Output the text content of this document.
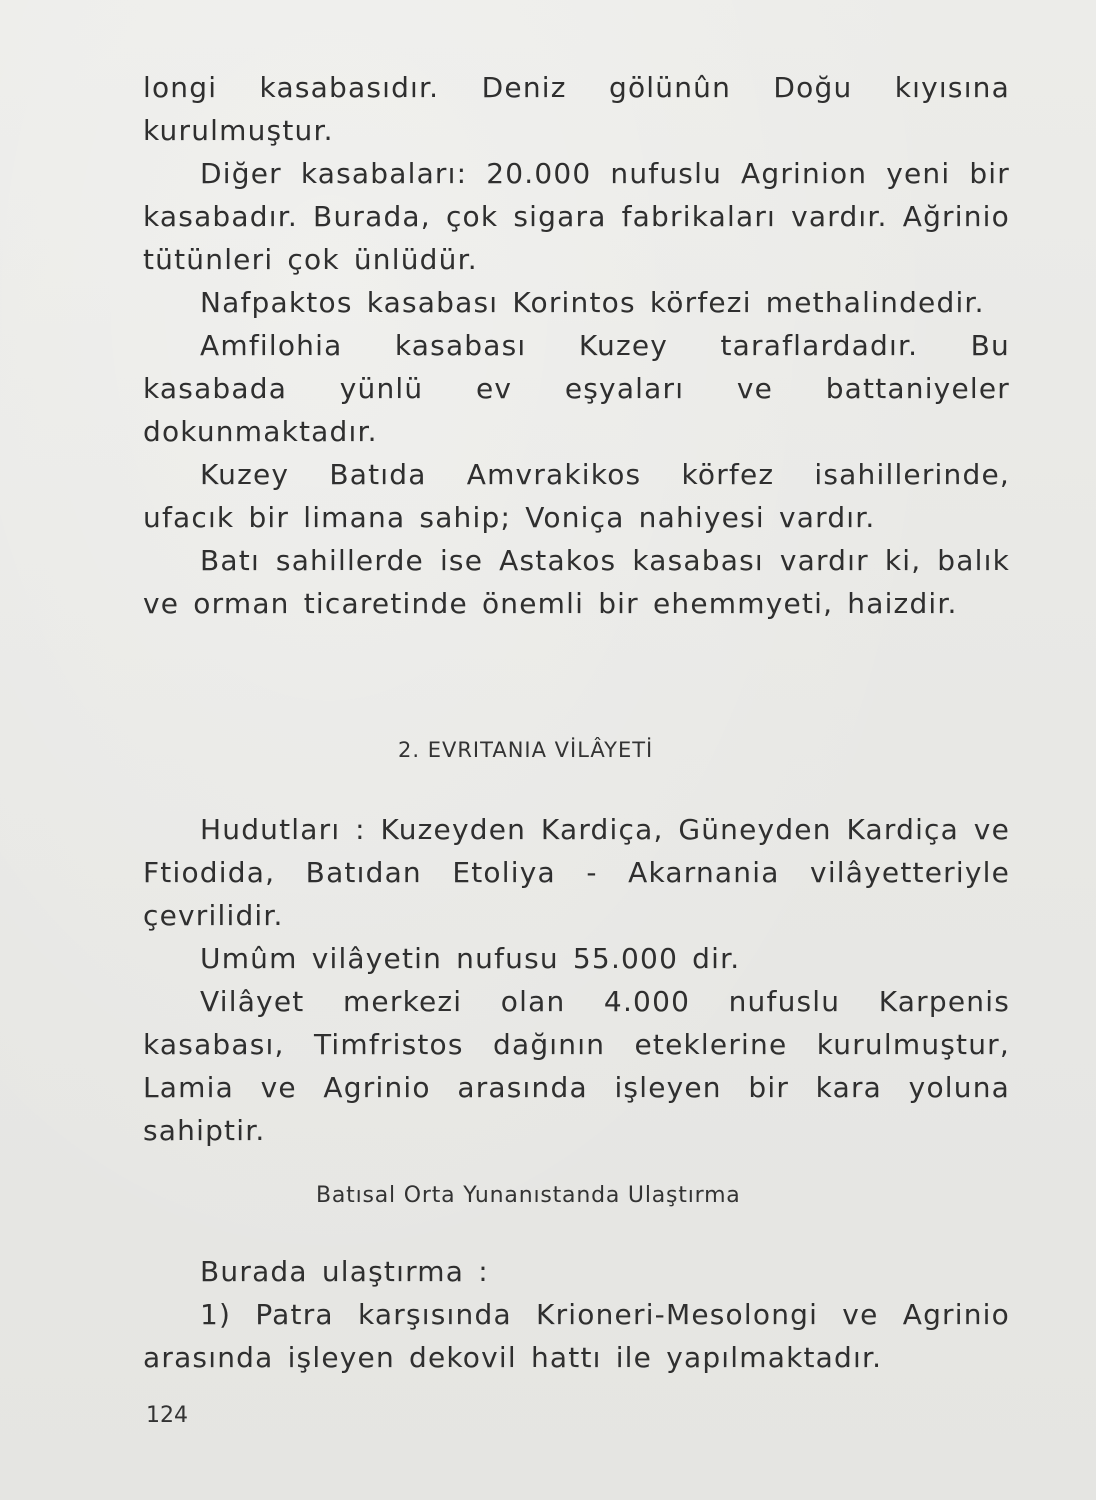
longi kasabasıdır. Deniz gölünûn Doğu kıyısına kurulmuştur.

Diğer kasabaları: 20.000 nufuslu Agrinion yeni bir kasabadır. Burada, çok sigara fabrikaları vardır. Ağrinio tütünleri çok ünlüdür.

Nafpaktos kasabası Korintos körfezi methalindedir.

Amfilohia kasabası Kuzey taraflardadır. Bu kasabada yünlü ev eşyaları ve battaniyeler dokunmaktadır.

Kuzey Batıda Amvrakikos körfez isahillerinde, ufacık bir limana sahip; Voniça nahiyesi vardır.

Batı sahillerde ise Astakos kasabası vardır ki, balık ve orman ticaretinde önemli bir ehemmyeti, haizdir.

2. EVRITANIA VİLÂYETİ

Hudutları : Kuzeyden Kardiça, Güneyden Kardiça ve Ftiodida, Batıdan Etoliya - Akarnania vilâyetteriyle çevrilidir.

Umûm vilâyetin nufusu 55.000 dir.

Vilâyet merkezi olan 4.000 nufuslu Karpenis kasabası, Timfristos dağının eteklerine kurulmuştur, Lamia ve Agrinio arasında işleyen bir kara yoluna sahiptir.

Batısal Orta Yunanıstanda Ulaştırma

Burada ulaştırma :

1) Patra karşısında Krioneri-Mesolongi ve Agrinio arasında işleyen dekovil hattı ile yapılmaktadır.

124
